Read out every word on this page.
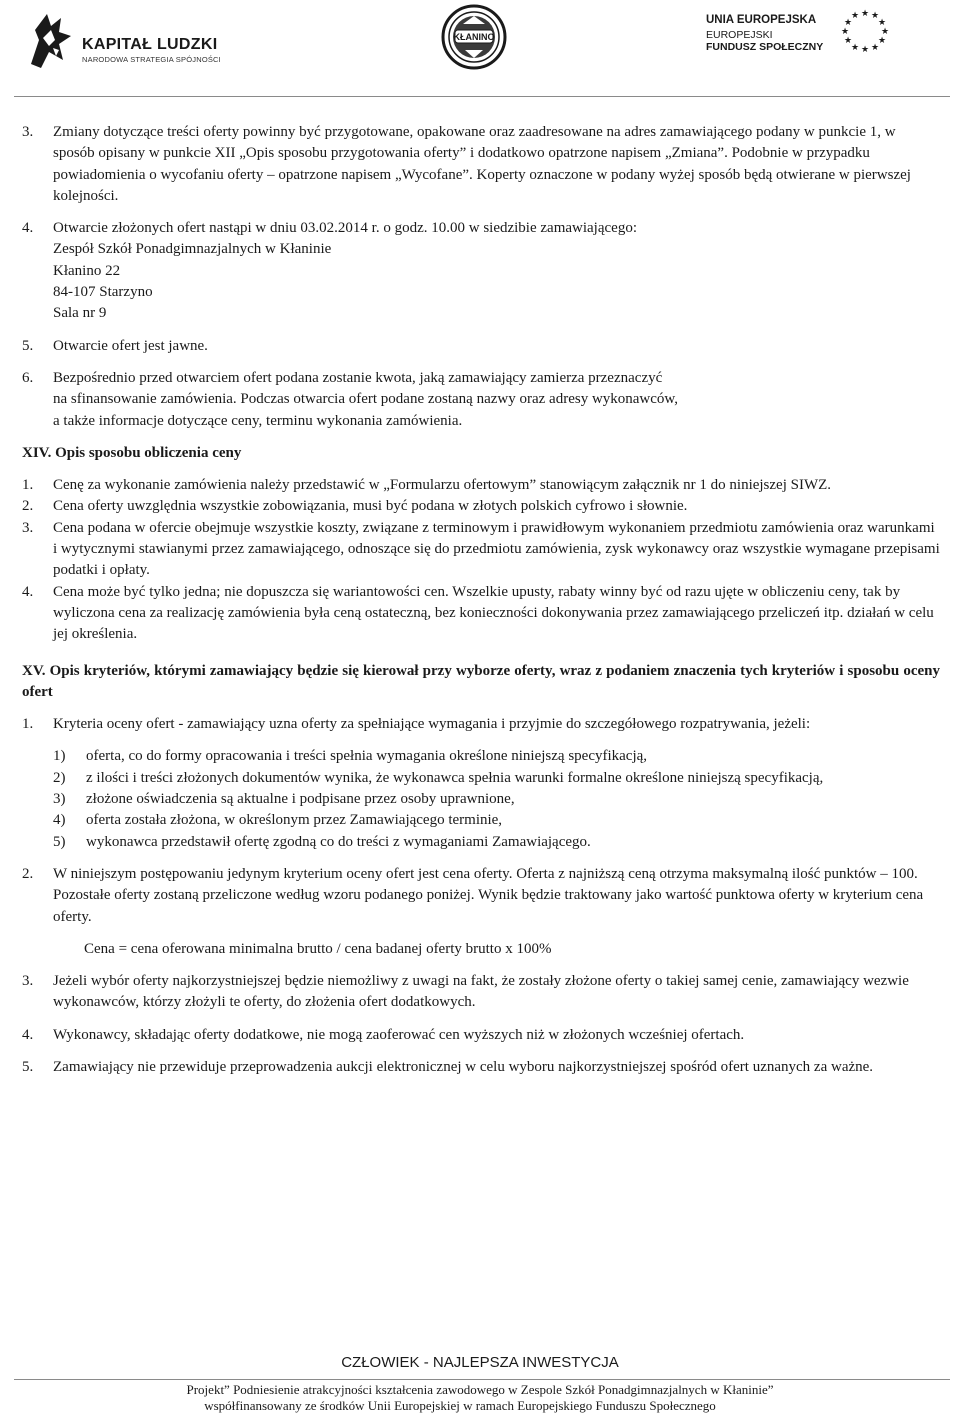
KAPITAŁ LUDZKI
NARODOWA STRATEGIA SPÓJNOŚCI
KŁANINO
UNIA EUROPEJSKA
EUROPEJSKI
FUNDUSZ SPOŁECZNY
★ ★
★
★
★
★
★
★
★
★
★
★
3.	Zmiany dotyczące treści oferty powinny być przygotowane, opakowane oraz zaadresowane na adres zamawiającego podany w punkcie 1, w sposób opisany w punkcie XII „Opis sposobu przygotowania oferty” i dodatkowo opatrzone napisem „Zmiana”. Podobnie w przypadku powiadomienia o wycofaniu oferty – opatrzone napisem „Wycofane”. Koperty oznaczone w podany wyżej sposób będą otwierane w pierwszej kolejności.

4.	Otwarcie złożonych ofert nastąpi w dniu 03.02.2014 r. o godz. 10.00 w siedzibie zamawiającego:

Zespół Szkół Ponadgimnazjalnych w Kłaninie

Kłanino 22

84-107 Starzyno

Sala nr 9

5.	Otwarcie ofert jest jawne.

6.	Bezpośrednio przed otwarciem ofert podana zostanie kwota, jaką zamawiający zamierza przeznaczyć

na sfinansowanie zamówienia. Podczas otwarcia ofert podane zostaną nazwy oraz adresy wykonawców,

a także informacje dotyczące ceny, terminu wykonania zamówienia.

XIV. Opis sposobu obliczenia ceny

1.	Cenę za wykonanie zamówienia należy przedstawić w „Formularzu ofertowym” stanowiącym załącznik nr 1 do niniejszej SIWZ.

2.	Cena oferty uwzględnia wszystkie zobowiązania, musi być podana w złotych polskich cyfrowo i słownie.

3.	Cena podana w ofercie obejmuje wszystkie koszty, związane z terminowym i prawidłowym wykonaniem przedmiotu zamówienia oraz warunkami i wytycznymi stawianymi przez zamawiającego, odnoszące się do przedmiotu zamówienia, zysk wykonawcy oraz wszystkie wymagane przepisami podatki i opłaty.

4.	Cena może być tylko jedna; nie dopuszcza się wariantowości cen. Wszelkie upusty, rabaty winny być od razu ujęte w obliczeniu ceny, tak by wyliczona cena za realizację zamówienia była ceną ostateczną, bez konieczności dokonywania przez zamawiającego przeliczeń itp. działań w celu jej określenia.

XV. Opis kryteriów, którymi zamawiający będzie się kierował przy wyborze oferty, wraz z podaniem znaczenia tych kryteriów i sposobu oceny ofert

1.	Kryteria oceny ofert - zamawiający uzna oferty za spełniające wymagania i przyjmie do szczegółowego rozpatrywania, jeżeli:

1)	oferta, co do formy opracowania i treści spełnia wymagania określone niniejszą specyfikacją,

2)	z ilości i treści złożonych dokumentów wynika, że wykonawca spełnia warunki formalne określone niniejszą specyfikacją,

3)	złożone oświadczenia są aktualne i podpisane przez osoby uprawnione,

4)	oferta została złożona, w określonym przez Zamawiającego terminie,

5)	wykonawca przedstawił ofertę zgodną co do treści z wymaganiami Zamawiającego.

2.	W niniejszym postępowaniu jedynym kryterium oceny ofert jest cena oferty. Oferta z najniższą ceną otrzyma maksymalną ilość punktów – 100. Pozostałe oferty zostaną przeliczone według wzoru podanego poniżej. Wynik będzie traktowany jako wartość punktowa oferty w kryterium cena oferty.

Cena = cena oferowana minimalna brutto / cena badanej oferty brutto x 100%

3.	Jeżeli wybór oferty najkorzystniejszej będzie niemożliwy z uwagi na fakt, że zostały złożone oferty o takiej samej cenie, zamawiający wezwie wykonawców, którzy złożyli te oferty, do złożenia ofert dodatkowych.

4.	Wykonawcy, składając oferty dodatkowe, nie mogą zaoferować cen wyższych niż w złożonych wcześniej ofertach.

5.	Zamawiający nie przewiduje przeprowadzenia aukcji elektronicznej w celu wyboru najkorzystniejszej spośród ofert uznanych za ważne.

CZŁOWIEK - NAJLEPSZA INWESTYCJA
Projekt” Podniesienie atrakcyjności kształcenia zawodowego w Zespole Szkół Ponadgimnazjalnych w Kłaninie”
współfinansowany ze środków Unii Europejskiej w ramach Europejskiego Funduszu Społecznego
